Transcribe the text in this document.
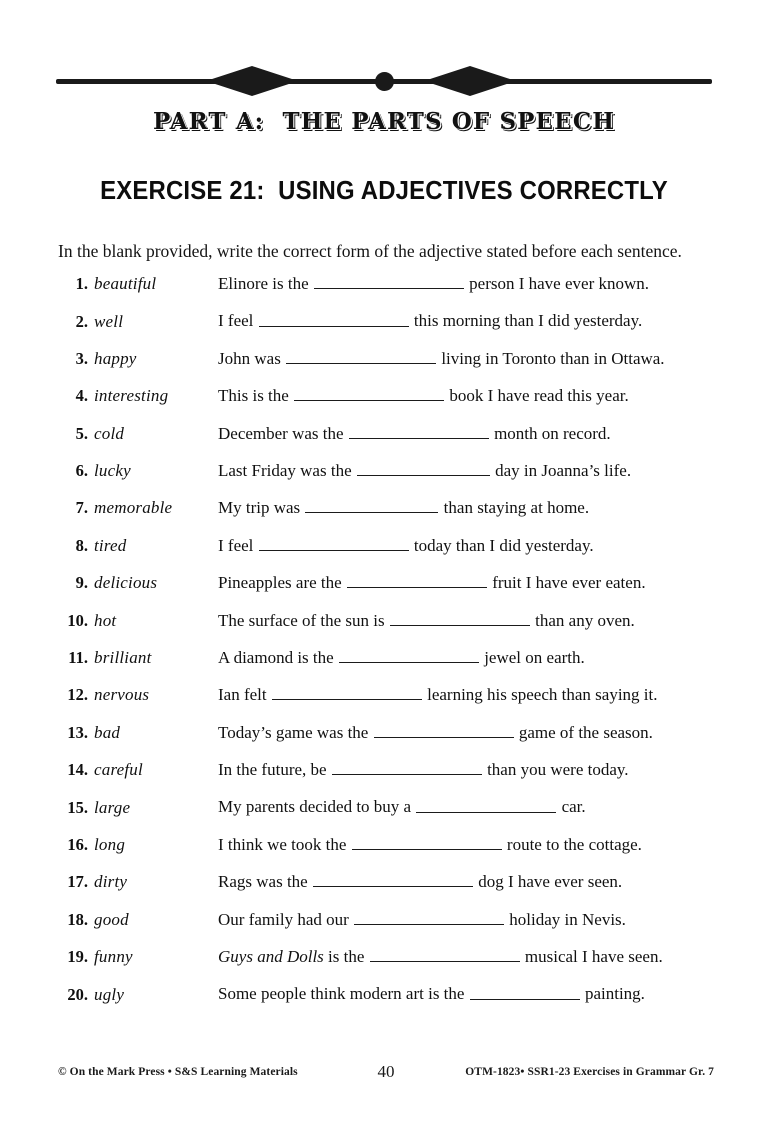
PART A:  THE PARTS OF SPEECH
EXERCISE 21:  USING ADJECTIVES CORRECTLY

In the blank provided, write the correct form of the adjective stated before each sentence.

1. beautiful	Elinore is the	person I have ever known.
2. well	I feel	this morning than I did yesterday.
3. happy	John was	living in Toronto than in Ottawa.
4. interesting	This is the	book I have read this year.
5. cold	December was the	month on record.
6. lucky	Last Friday was the	day in Joanna’s life.
7. memorable	My trip was	than staying at home.
8. tired	I feel	today than I did yesterday.
9. delicious	Pineapples are the	fruit I have ever eaten.
10. hot	The surface of the sun is	than any oven.
11. brilliant	A diamond is the	jewel on earth.
12. nervous	Ian felt	learning his speech than saying it.
13. bad	Today’s game was the	game of the season.
14. careful	In the future, be	than you were today.
15. large	My parents decided to buy a	car.
16. long	I think we took the	route to the cottage.
17. dirty	Rags was the	dog I have ever seen.
18. good	Our family had our	holiday in Nevis.
19. funny	Guys and Dolls is the	musical I have seen.
20. ugly	Some people think modern art is the	painting.
© On the Mark Press • S&S Learning Materials	40	OTM-1823• SSR1-23 Exercises in Grammar Gr. 7
